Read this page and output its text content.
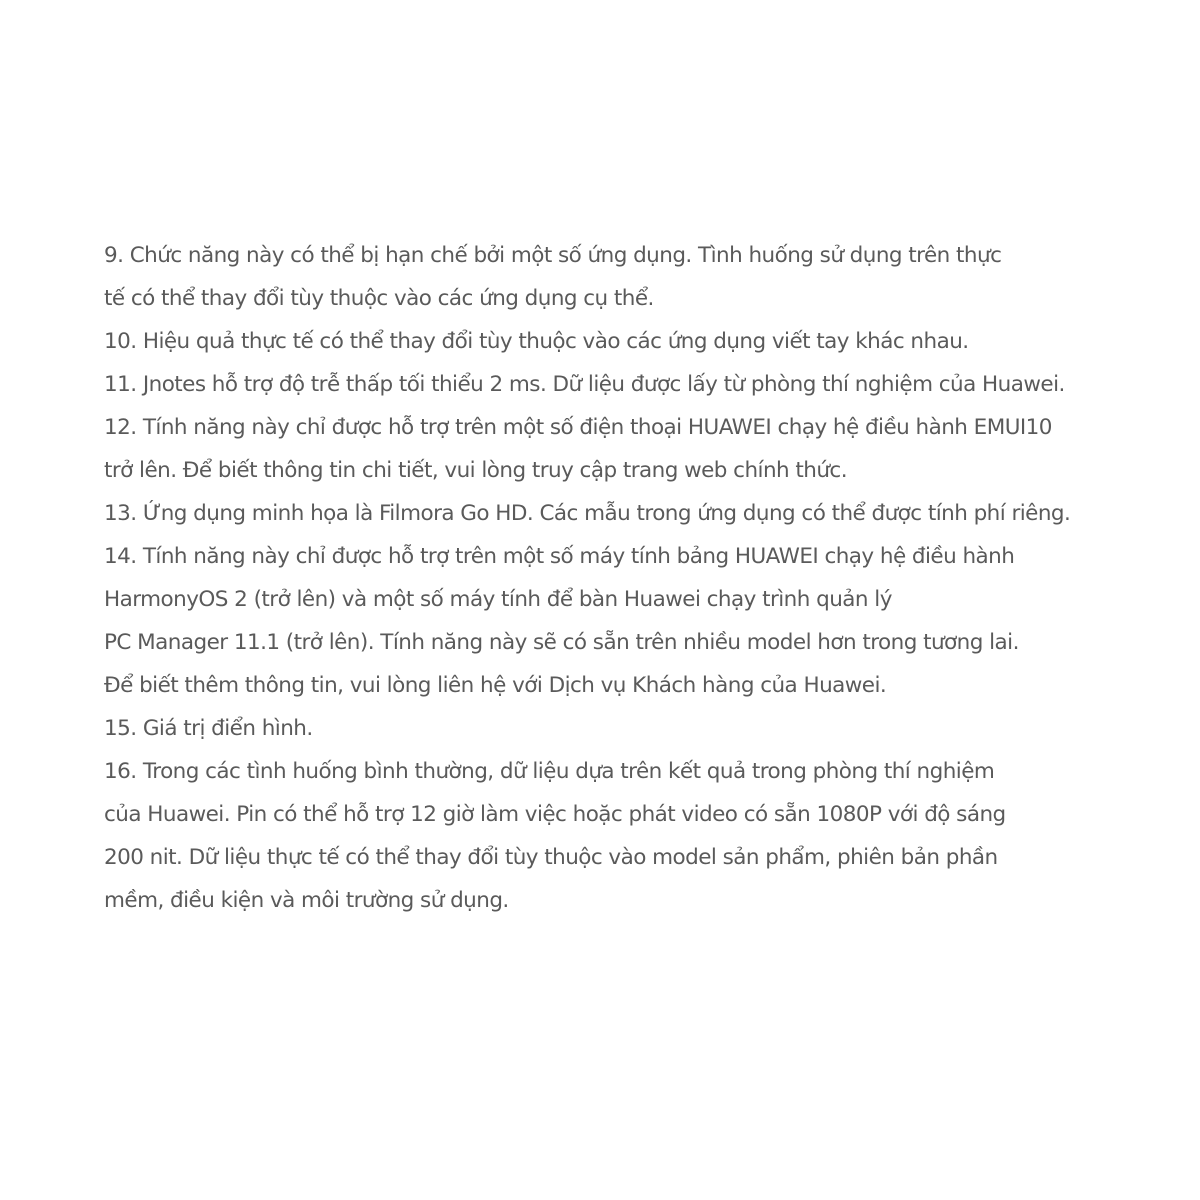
9. Chức năng này có thể bị hạn chế bởi một số ứng dụng. Tình huống sử dụng trên thực
tế có thể thay đổi tùy thuộc vào các ứng dụng cụ thể.
10. Hiệu quả thực tế có thể thay đổi tùy thuộc vào các ứng dụng viết tay khác nhau.
11. Jnotes hỗ trợ độ trễ thấp tối thiểu 2 ms. Dữ liệu được lấy từ phòng thí nghiệm của Huawei.
12. Tính năng này chỉ được hỗ trợ trên một số điện thoại HUAWEI chạy hệ điều hành EMUI10
trở lên. Để biết thông tin chi tiết, vui lòng truy cập trang web chính thức.
13. Ứng dụng minh họa là Filmora Go HD. Các mẫu trong ứng dụng có thể được tính phí riêng.
14. Tính năng này chỉ được hỗ trợ trên một số máy tính bảng HUAWEI chạy hệ điều hành
HarmonyOS 2 (trở lên) và một số máy tính để bàn Huawei chạy trình quản lý
PC Manager 11.1 (trở lên). Tính năng này sẽ có sẵn trên nhiều model hơn trong tương lai.
Để biết thêm thông tin, vui lòng liên hệ với Dịch vụ Khách hàng của Huawei.
15. Giá trị điển hình.
16. Trong các tình huống bình thường, dữ liệu dựa trên kết quả trong phòng thí nghiệm
của Huawei. Pin có thể hỗ trợ 12 giờ làm việc hoặc phát video có sẵn 1080P với độ sáng
200 nit. Dữ liệu thực tế có thể thay đổi tùy thuộc vào model sản phẩm, phiên bản phần
mềm, điều kiện và môi trường sử dụng.
